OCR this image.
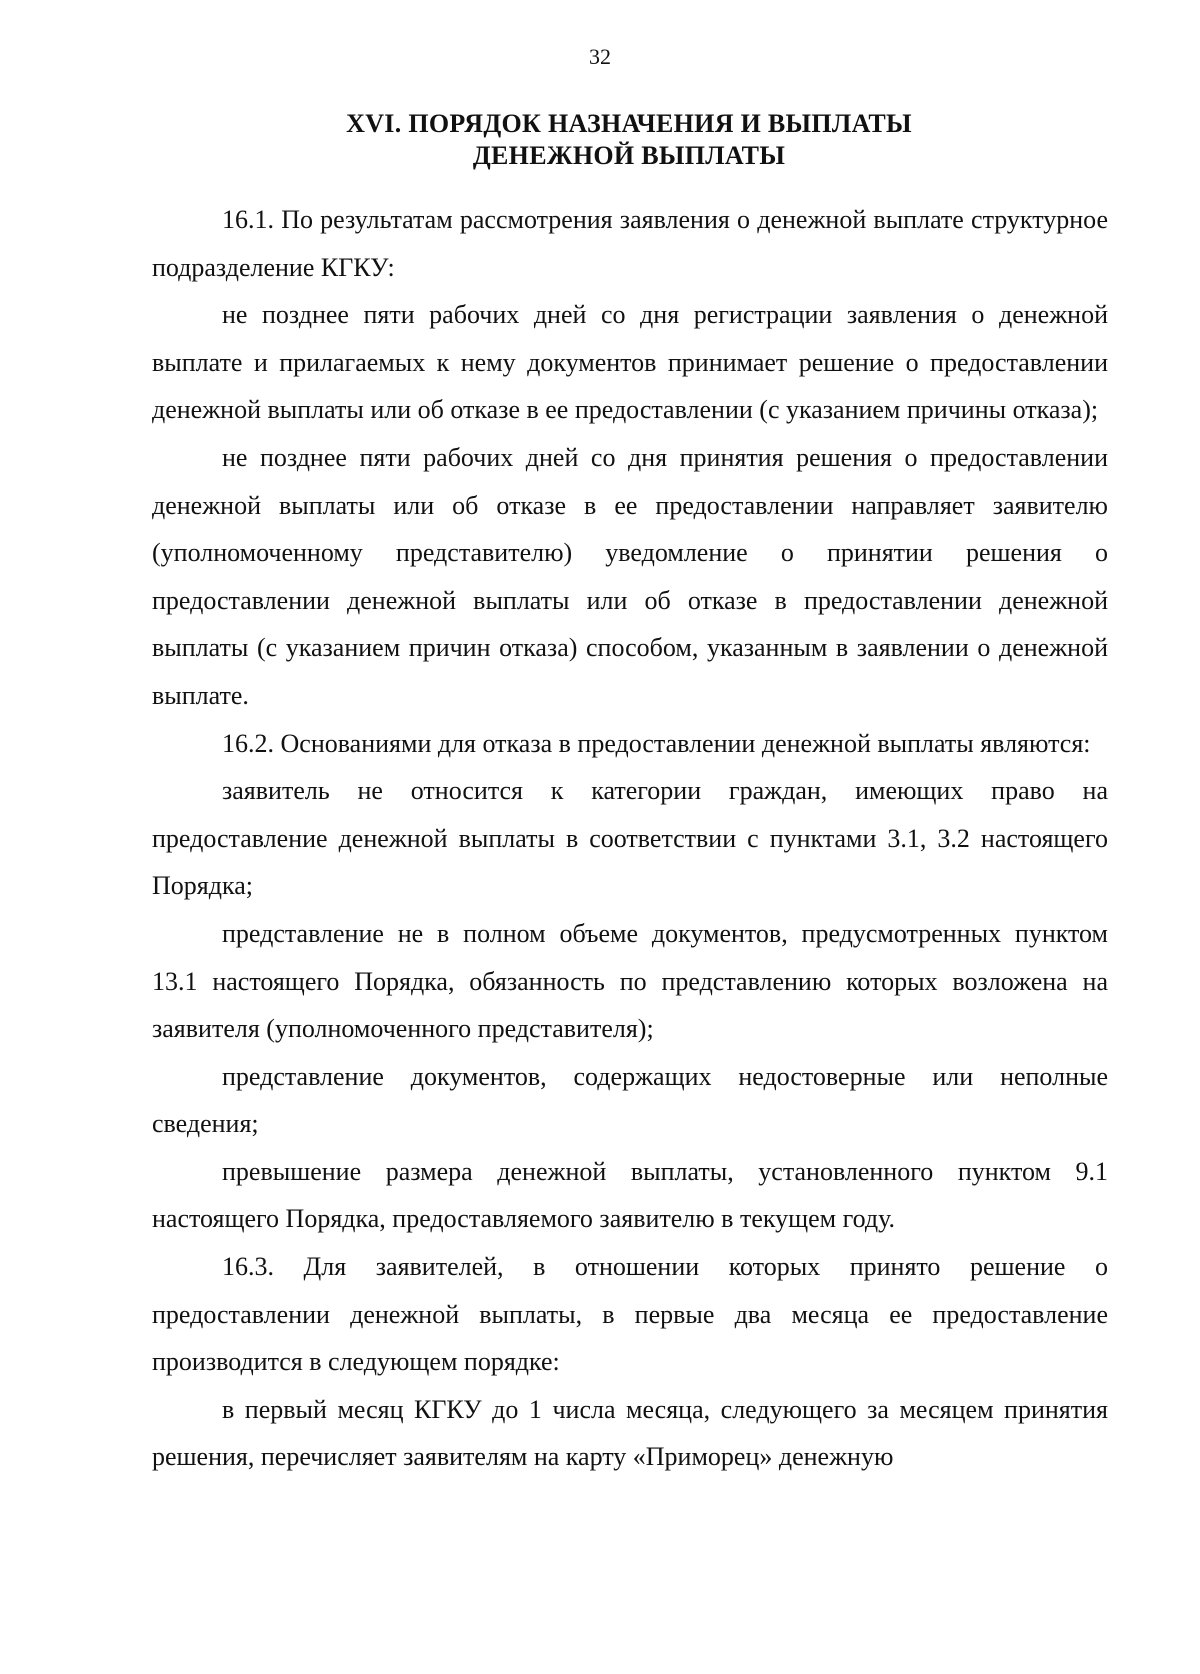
32
XVI. ПОРЯДОК НАЗНАЧЕНИЯ И ВЫПЛАТЫ
ДЕНЕЖНОЙ ВЫПЛАТЫ

16.1. По результатам рассмотрения заявления о денежной выплате структурное подразделение КГКУ:

не позднее пяти рабочих дней со дня регистрации заявления о денежной выплате и прилагаемых к нему документов принимает решение о предоставлении денежной выплаты или об отказе в ее предоставлении (с указанием причины отказа);

не позднее пяти рабочих дней со дня принятия решения о предоставлении денежной выплаты или об отказе в ее предоставлении направляет заявителю (уполномоченному представителю) уведомление о принятии решения о предоставлении денежной выплаты или об отказе в предоставлении денежной выплаты (с указанием причин отказа) способом, указанным в заявлении о денежной выплате.

16.2. Основаниями для отказа в предоставлении денежной выплаты являются:

заявитель не относится к категории граждан, имеющих право на предоставление денежной выплаты в соответствии с пунктами 3.1, 3.2 настоящего Порядка;

представление не в полном объеме документов, предусмотренных пунктом 13.1 настоящего Порядка, обязанность по представлению которых возложена на заявителя (уполномоченного представителя);

представление документов, содержащих недостоверные или неполные сведения;

превышение размера денежной выплаты, установленного пунктом 9.1 настоящего Порядка, предоставляемого заявителю в текущем году.

16.3. Для заявителей, в отношении которых принято решение о предоставлении денежной выплаты, в первые два месяца ее предоставление производится в следующем порядке:

в первый месяц КГКУ до 1 числа месяца, следующего за месяцем принятия решения, перечисляет заявителям на карту «Приморец» денежную
